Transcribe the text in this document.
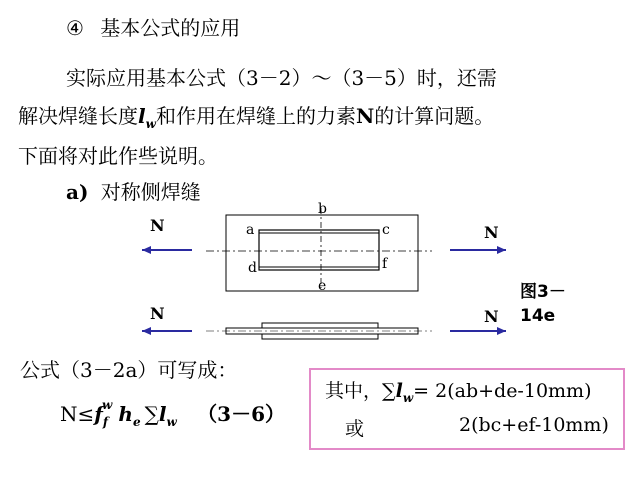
④ 基本公式的应用
实际应用基本公式（3－2）～（3－5）时，还需
解决焊缝长度$l_w$和作用在焊缝上的力素N的计算问题。
下面将对此作些说明。
a) 对称侧焊缝
a
b
c
d
e
f
N	N
N	N
图3－
14e
公式（3－2a）可写成：
$N\le f_f^w$ $h_e$ $\sum l_w$ （3－6）
其中，$\sum l_w= 2(ab+de-10mm)$
或	2(bc+ef-10mm)
